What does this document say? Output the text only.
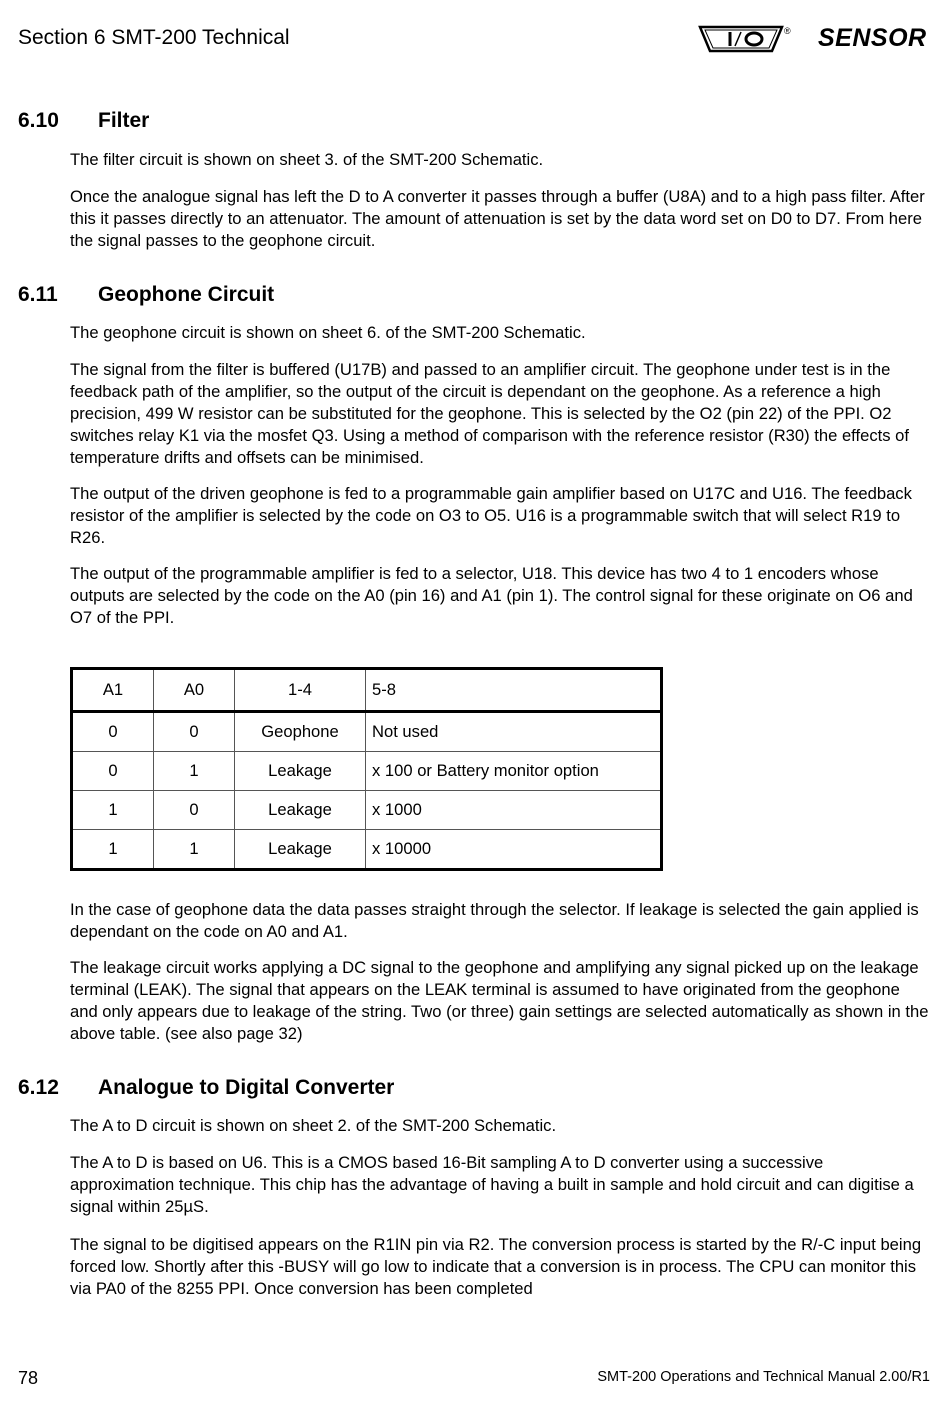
Section 6 SMT-200 Technical	® SENSOR
6.10 Filter

The filter circuit is shown on sheet 3. of the SMT-200 Schematic.

Once the analogue signal has left the D to A converter it passes through a buffer (U8A) and to a high pass filter. After this it passes directly to an attenuator. The amount of attenuation is set by the data word set on D0 to D7. From here the signal passes to the geophone circuit.

6.11 Geophone Circuit

The geophone circuit is shown on sheet 6. of the SMT-200 Schematic.

The signal from the filter is buffered (U17B) and passed to an amplifier circuit. The geophone under test is in the feedback path of the amplifier, so the output of the circuit is dependant on the geophone. As a reference a high precision, 499 W resistor can be substituted for the geophone. This is selected by the O2 (pin 22) of the PPI. O2 switches relay K1 via the mosfet Q3. Using a method of comparison with the reference resistor (R30) the effects of temperature drifts and offsets can be minimised.

The output of the driven geophone is fed to a programmable gain amplifier based on U17C and U16. The feedback resistor of the amplifier is selected by the code on O3 to O5. U16 is a programmable switch that will select R19 to R26.

The output of the programmable amplifier is fed to a selector, U18. This device has two 4 to 1 encoders whose outputs are selected by the code on the A0 (pin 16) and A1 (pin 1). The control signal for these originate on O6 and O7 of the PPI.

A1	A0	1-4	5-8
0	0	Geophone	Not used
0	1	Leakage	x 100 or Battery monitor option
1	0	Leakage	x 1000
1	1	Leakage	x 10000

In the case of geophone data the data passes straight through the selector. If leakage is selected the gain applied is dependant on the code on A0 and A1.

The leakage circuit works applying a DC signal to the geophone and amplifying any signal picked up on the leakage terminal (LEAK). The signal that appears on the LEAK terminal is assumed to have originated from the geophone and only appears due to leakage of the string. Two (or three) gain settings are selected automatically as shown in the above table. (see also page 32)

6.12 Analogue to Digital Converter

The A to D circuit is shown on sheet 2. of the SMT-200 Schematic.

The A to D is based on U6. This is a CMOS based 16-Bit sampling A to D converter using a successive approximation technique. This chip has the advantage of having a built in sample and hold circuit and can digitise a signal within 25µS.

The signal to be digitised appears on the R1IN pin via R2. The conversion process is started by the R/-C input being forced low. Shortly after this -BUSY will go low to indicate that a conversion is in process. The CPU can monitor this via PA0 of the 8255 PPI. Once conversion has been completed

78	SMT-200 Operations and Technical Manual 2.00/R1
